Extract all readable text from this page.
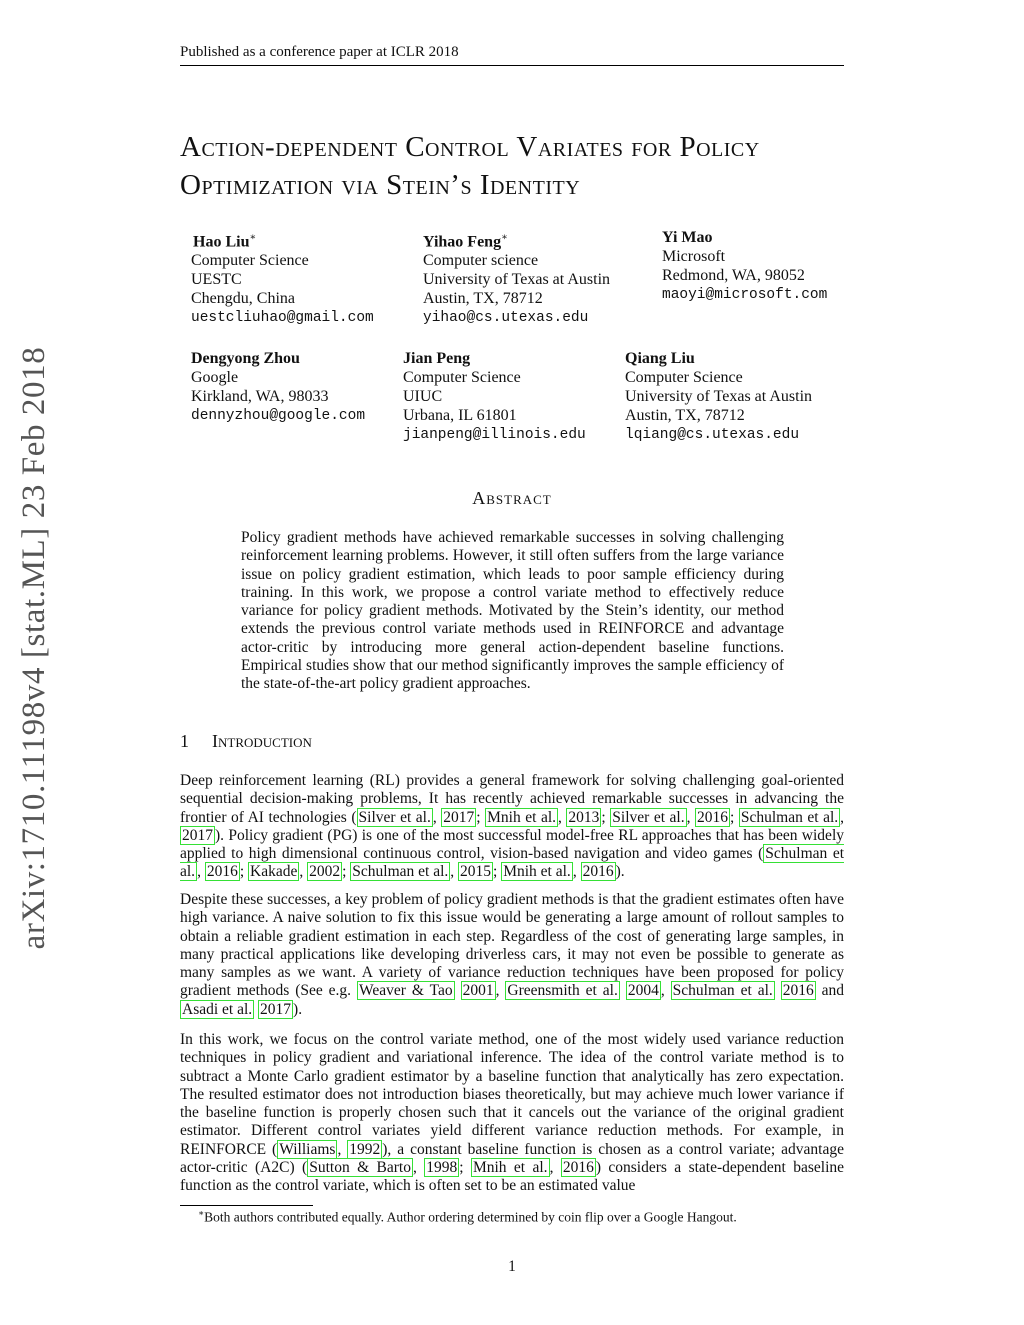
Published as a conference paper at ICLR 2018
Action-dependent Control Variates for Policy Optimization via Stein’s Identity
Hao Liu∗
Computer Science
UESTC
Chengdu, China
uestcliuhao@gmail.com
Yihao Feng∗
Computer science
University of Texas at Austin
Austin, TX, 78712
yihao@cs.utexas.edu
Yi Mao
Microsoft
Redmond, WA, 98052
maoyi@microsoft.com
Dengyong Zhou
Google
Kirkland, WA, 98033
dennyzhou@google.com
Jian Peng
Computer Science
UIUC
Urbana, IL 61801
jianpeng@illinois.edu
Qiang Liu
Computer Science
University of Texas at Austin
Austin, TX, 78712
lqiang@cs.utexas.edu
arXiv:1710.11198v4 [stat.ML] 23 Feb 2018	Abstract

Policy gradient methods have achieved remarkable successes in solving challenging reinforcement learning problems. However, it still often suffers from the large variance issue on policy gradient estimation, which leads to poor sample efficiency during training. In this work, we propose a control variate method to effectively reduce variance for policy gradient methods. Motivated by the Stein’s identity, our method extends the previous control variate methods used in REINFORCE and advantage actor-critic by introducing more general action-dependent baseline functions. Empirical studies show that our method significantly improves the sample efficiency of the state-of-the-art policy gradient approaches.

1 Introduction

Deep reinforcement learning (RL) provides a general framework for solving challenging goal-oriented sequential decision-making problems, It has recently achieved remarkable successes in advancing the frontier of AI technologies ( Silver et al. , 2017 ; Mnih et al. , 2013 ; Silver et al. , 2016 ; Schulman et al. , 2017 ). Policy gradient (PG) is one of the most successful model-free RL approaches that has been widely applied to high dimensional continuous control, vision-based navigation and video games ( Schulman et al. , 2016 ; Kakade , 2002 ; Schulman et al. , 2015 ; Mnih et al. , 2016 ).

Despite these successes, a key problem of policy gradient methods is that the gradient estimates often have high variance. A naive solution to fix this issue would be generating a large amount of rollout samples to obtain a reliable gradient estimation in each step. Regardless of the cost of generating large samples, in many practical applications like developing driverless cars, it may not even be possible to generate as many samples as we want. A variety of variance reduction techniques have been proposed for policy gradient methods (See e.g. Weaver & Tao 2001 , Greensmith et al. 2004 , Schulman et al. 2016 and Asadi et al. 2017 ).

In this work, we focus on the control variate method, one of the most widely used variance reduction techniques in policy gradient and variational inference. The idea of the control variate method is to subtract a Monte Carlo gradient estimator by a baseline function that analytically has zero expectation. The resulted estimator does not introduction biases theoretically, but may achieve much lower variance if the baseline function is properly chosen such that it cancels out the variance of the original gradient estimator. Different control variates yield different variance reduction methods. For example, in REINFORCE ( Williams , 1992 ), a constant baseline function is chosen as a control variate; advantage actor-critic (A2C) ( Sutton & Barto , 1998 ; Mnih et al. , 2016 ) considers a state-dependent baseline function as the control variate, which is often set to be an estimated value

∗Both authors contributed equally. Author ordering determined by coin flip over a Google Hangout.
1
